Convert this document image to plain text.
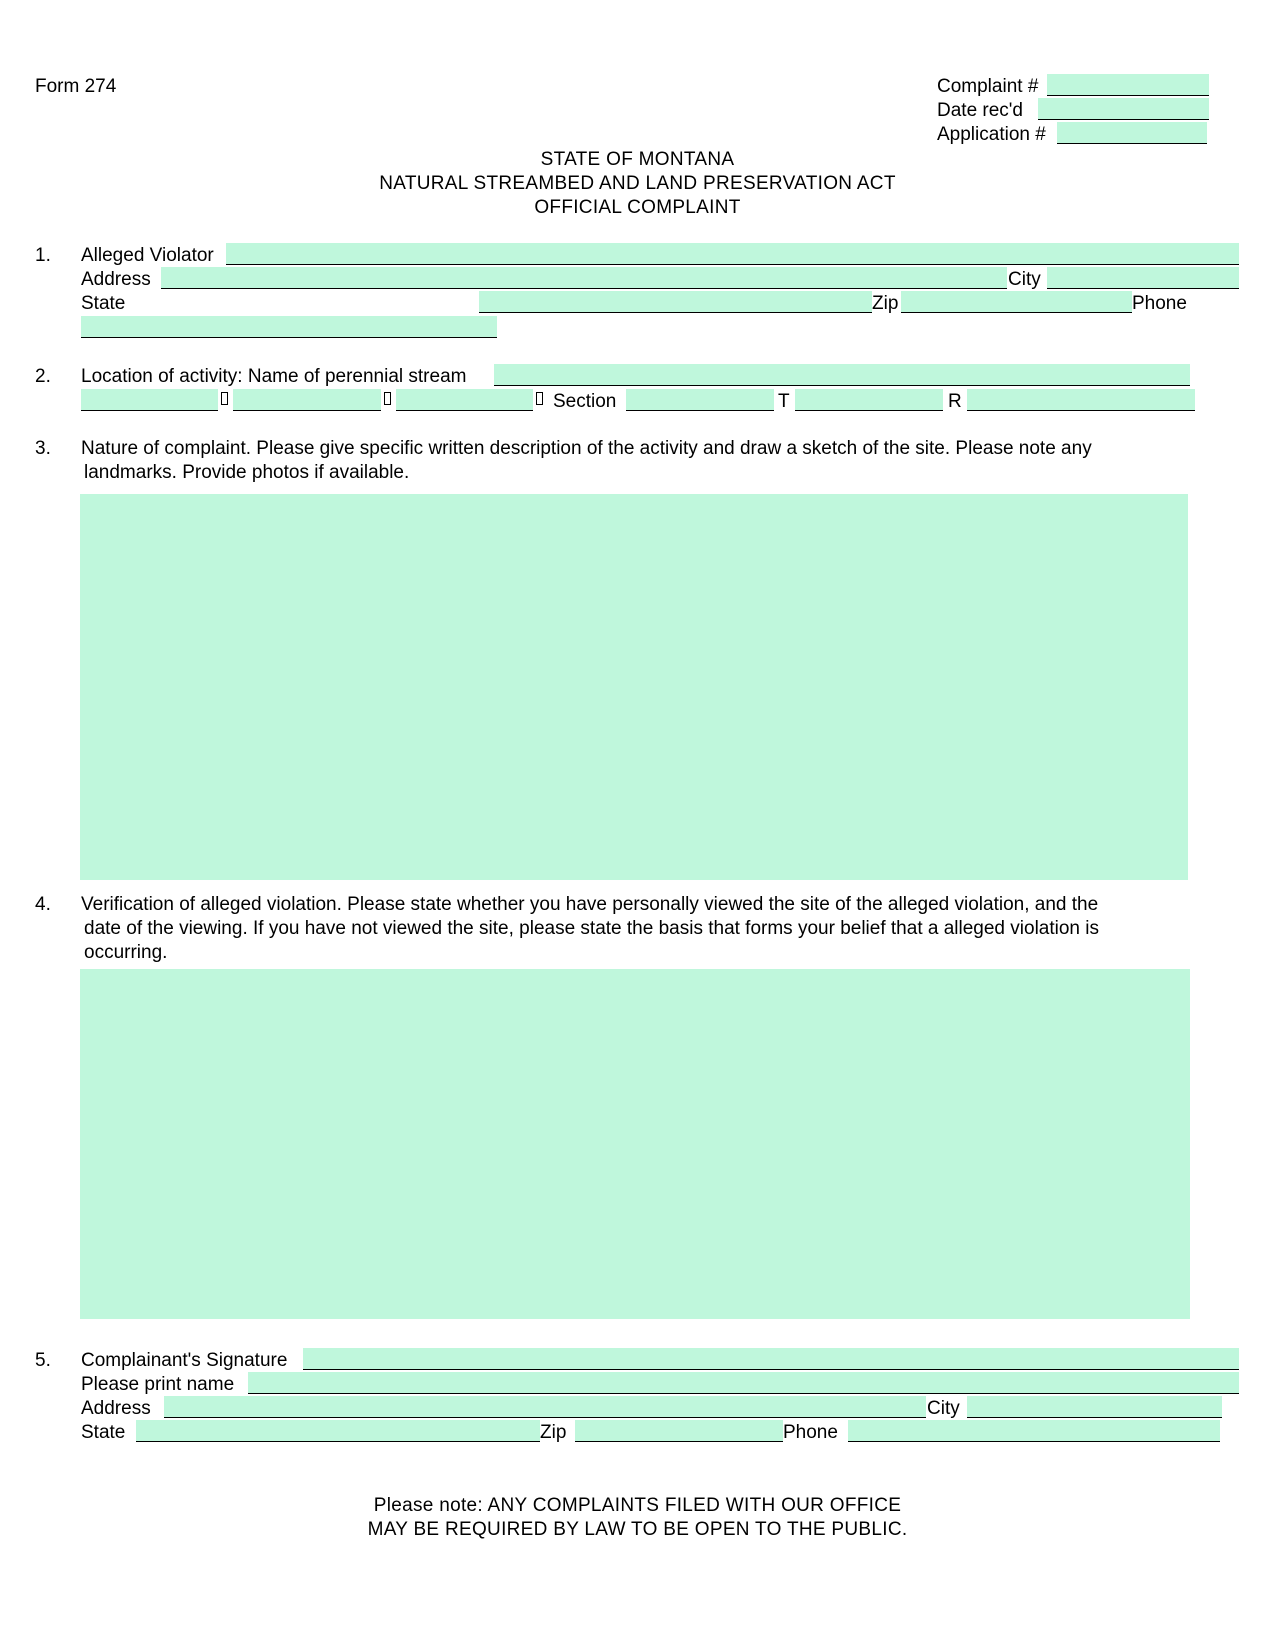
Form 274	Complaint #
Date rec'd
Application #
STATE OF MONTANA
NATURAL STREAMBED AND LAND PRESERVATION ACT
OFFICIAL COMPLAINT
1. Alleged Violator
Address	City
State	Zip	Phone
2. Location of activity: Name of perennial stream
Section	T	R
3. Nature of complaint. Please give specific written description of the activity and draw a sketch of the site. Please note any
landmarks. Provide photos if available.
4. Verification of alleged violation. Please state whether you have personally viewed the site of the alleged violation, and the
date of the viewing. If you have not viewed the site, please state the basis that forms your belief that a alleged violation is
occurring.
5. Complainant's Signature
Please print name
Address	City
State	Zip	Phone
Please note: ANY COMPLAINTS FILED WITH OUR OFFICE
MAY BE REQUIRED BY LAW TO BE OPEN TO THE PUBLIC.
